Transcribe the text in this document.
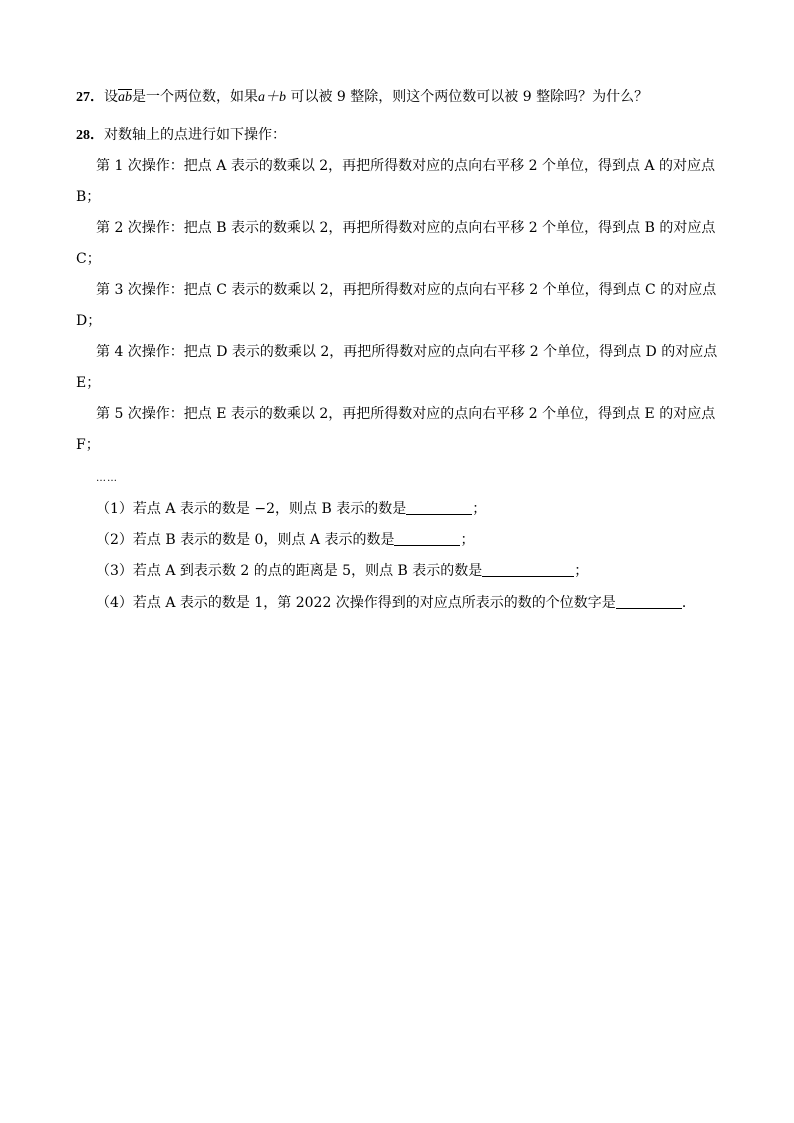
27．设$\overline{ab}$是一个两位数，如果a＋b 可以被 9 整除，则这个两位数可以被 9 整除吗？为什么？
28．对数轴上的点进行如下操作：
第 1 次操作：把点 A 表示的数乘以 2，再把所得数对应的点向右平移 2 个单位，得到点 A 的对应点
B；
第 2 次操作：把点 B 表示的数乘以 2，再把所得数对应的点向右平移 2 个单位，得到点 B 的对应点
C；
第 3 次操作：把点 C 表示的数乘以 2，再把所得数对应的点向右平移 2 个单位，得到点 C 的对应点
D；
第 4 次操作：把点 D 表示的数乘以 2，再把所得数对应的点向右平移 2 个单位，得到点 D 的对应点
E；
第 5 次操作：把点 E 表示的数乘以 2，再把所得数对应的点向右平移 2 个单位，得到点 E 的对应点
F；
……
（1）若点 A 表示的数是 −2，则点 B 表示的数是	；
（2）若点 B 表示的数是 0，则点 A 表示的数是	；
（3）若点 A 到表示数 2 的点的距离是 5，则点 B 表示的数是	；
（4）若点 A 表示的数是 1，第 2022 次操作得到的对应点所表示的数的个位数字是	．
